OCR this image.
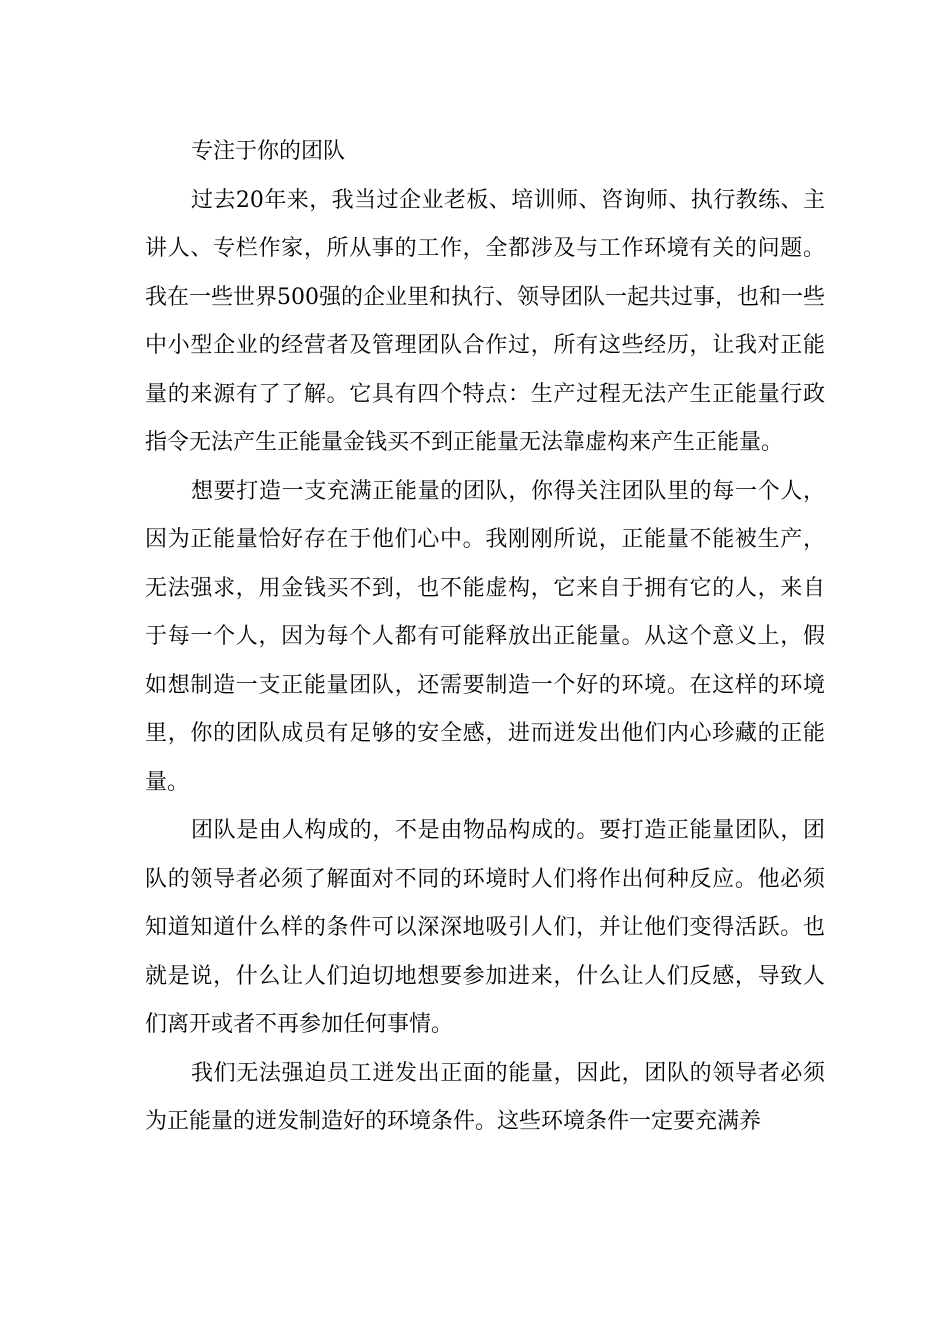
专注于你的团队

过去20年来，我当过企业老板、培训师、咨询师、执行教练、主讲人、专栏作家，所从事的工作，全都涉及与工作环境有关的问题。我在一些世界500强的企业里和执行、领导团队一起共过事，也和一些中小型企业的经营者及管理团队合作过，所有这些经历，让我对正能量的来源有了了解。它具有四个特点：生产过程无法产生正能量行政指令无法产生正能量金钱买不到正能量无法靠虚构来产生正能量。

想要打造一支充满正能量的团队，你得关注团队里的每一个人，因为正能量恰好存在于他们心中。我刚刚所说，正能量不能被生产，无法强求，用金钱买不到，也不能虚构，它来自于拥有它的人，来自于每一个人，因为每个人都有可能释放出正能量。从这个意义上，假如想制造一支正能量团队，还需要制造一个好的环境。在这样的环境里，你的团队成员有足够的安全感，进而迸发出他们内心珍藏的正能量。

团队是由人构成的，不是由物品构成的。要打造正能量团队，团队的领导者必须了解面对不同的环境时人们将作出何种反应。他必须知道知道什么样的条件可以深深地吸引人们，并让他们变得活跃。也就是说，什么让人们迫切地想要参加进来，什么让人们反感，导致人们离开或者不再参加任何事情。

我们无法强迫员工迸发出正面的能量，因此，团队的领导者必须为正能量的迸发制造好的环境条件。这些环境条件一定要充满养
